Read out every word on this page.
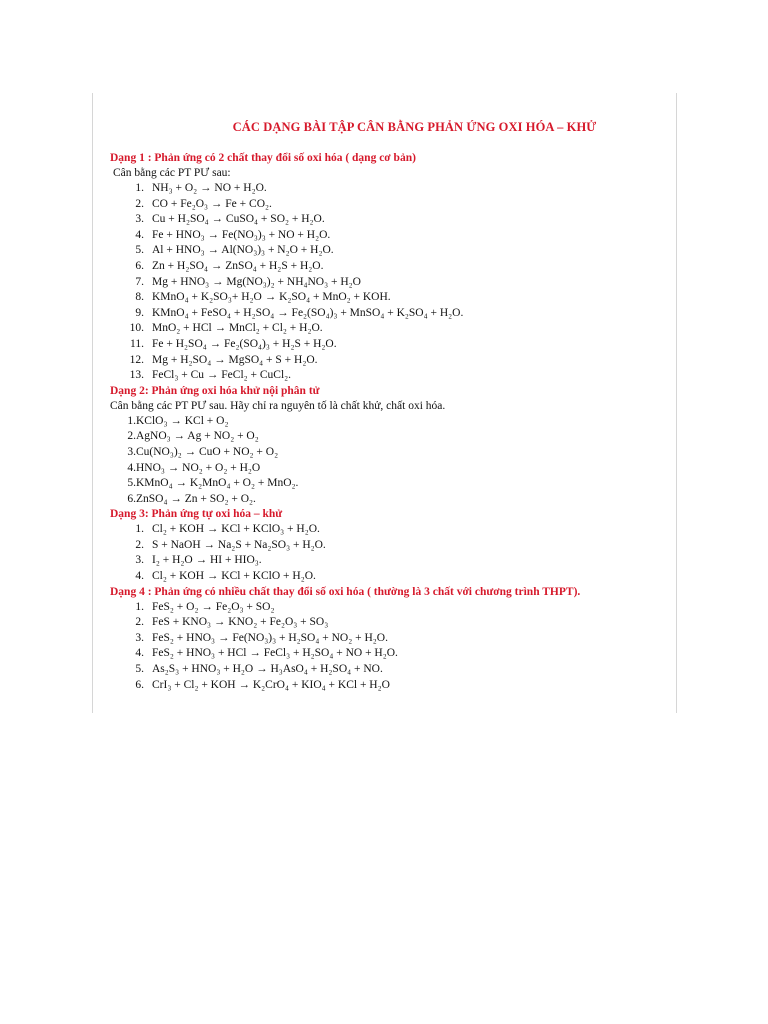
CÁC DẠNG BÀI TẬP CÂN BẰNG PHẢN ỨNG OXI HÓA – KHỬ
Dạng 1 : Phản ứng có 2 chất thay đổi số oxi hóa ( dạng cơ bản)
Cân bằng các PT PƯ sau:
1. NH₃ + O₂ → NO + H₂O.
2. CO + Fe₂O₃ → Fe + CO₂.
3. Cu + H₂SO₄ → CuSO₄ + SO₂ + H₂O.
4. Fe + HNO₃ → Fe(NO₃)₃ + NO + H₂O.
5. Al + HNO₃ → Al(NO₃)₃ + N₂O + H₂O.
6. Zn + H₂SO₄ → ZnSO₄ + H₂S + H₂O.
7. Mg + HNO₃ → Mg(NO₃)₂ + NH₄NO₃ + H₂O
8. KMnO₄ + K₂SO₃+ H₂O → K₂SO₄ + MnO₂ + KOH.
9. KMnO₄ + FeSO₄ + H₂SO₄ → Fe₂(SO₄)₃ + MnSO₄ + K₂SO₄ + H₂O.
10. MnO₂ + HCl → MnCl₂ + Cl₂ + H₂O.
11. Fe + H₂SO₄ → Fe₂(SO₄)₃ + H₂S + H₂O.
12. Mg + H₂SO₄ → MgSO₄ + S + H₂O.
13. FeCl₃ + Cu → FeCl₂ + CuCl₂.
Dạng 2: Phản ứng oxi hóa khử nội phân tử
Cân bằng các PT PƯ sau. Hãy chỉ ra nguyên tố là chất khử, chất oxi hóa.
1. KClO₃ → KCl + O₂
2. AgNO₃ → Ag + NO₂ + O₂
3. Cu(NO₃)₂ → CuO + NO₂ + O₂
4. HNO₃ → NO₂ + O₂ + H₂O
5. KMnO₄ → K₂MnO₄ + O₂ + MnO₂.
6. ZnSO₄ → Zn + SO₂ + O₂.
Dạng 3: Phản ứng tự oxi hóa – khử
1. Cl₂ + KOH → KCl + KClO₃ + H₂O.
2. S + NaOH → Na₂S + Na₂SO₃ + H₂O.
3. I₂ + H₂O → HI + HIO₃.
4. Cl₂ + KOH → KCl + KClO + H₂O.
Dạng 4 : Phản ứng có nhiều chất thay đổi số oxi hóa ( thường là 3 chất với chương trình THPT).
1. FeS₂ + O₂ → Fe₂O₃ + SO₂
2. FeS + KNO₃ → KNO₂ + Fe₂O₃ + SO₃
3. FeS₂ + HNO₃ → Fe(NO₃)₃ + H₂SO₄ + NO₂ + H₂O.
4. FeS₂ + HNO₃ + HCl → FeCl₃ + H₂SO₄ + NO + H₂O.
5. As₂S₃ + HNO₃ + H₂O → H₃AsO₄ + H₂SO₄ + NO.
6. CrI₃ + Cl₂ + KOH → K₂CrO₄ + KIO₄ + KCl + H₂O
